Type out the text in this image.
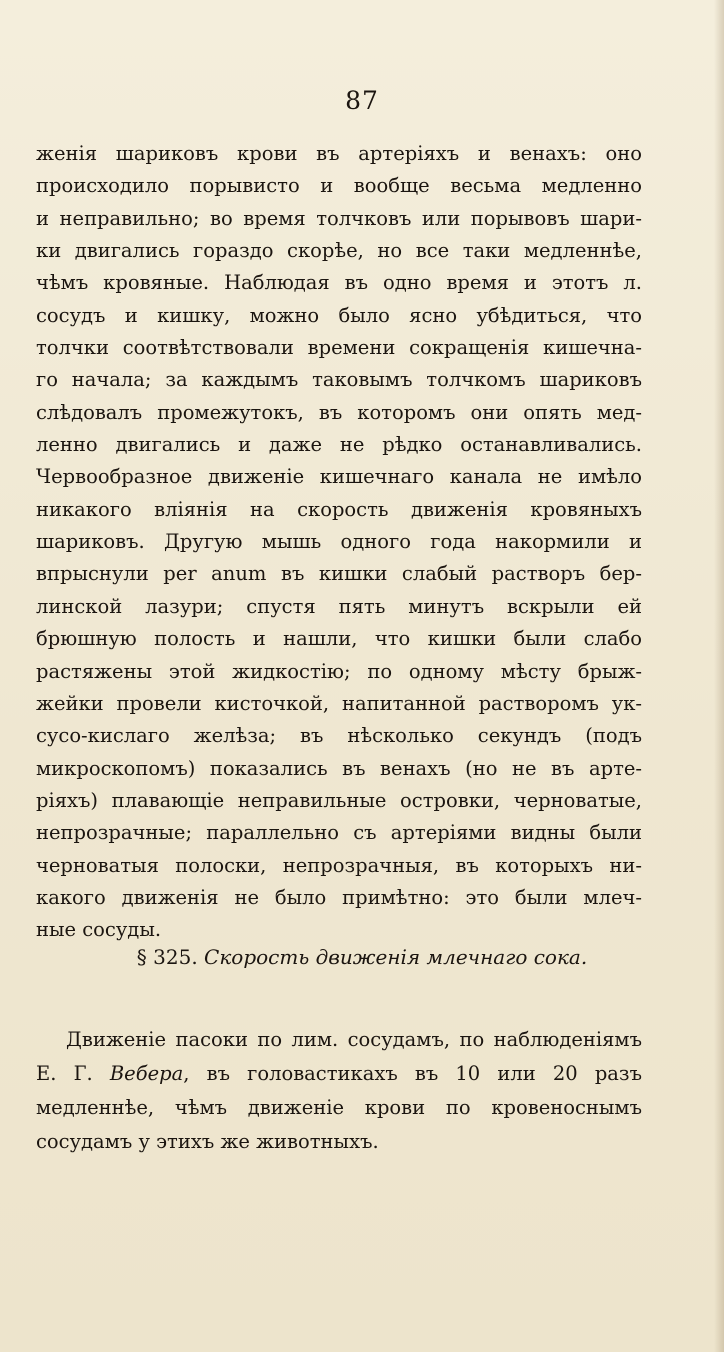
87
женія шариковъ крови въ артеріяхъ и венахъ: оно
происходило порывисто и вообще весьма медленно
и неправильно; во время толчковъ или порывовъ шари-
ки двигались гораздо скорѣе, но все таки медленнѣе,
чѣмъ кровяные. Наблюдая въ одно время и этотъ л.
сосудъ и кишку, можно было ясно убѣдиться, что
толчки соотвѣтствовали времени сокращенія кишечна-
го начала; за каждымъ таковымъ толчкомъ шариковъ
слѣдовалъ промежутокъ, въ которомъ они опять мед-
ленно двигались и даже не рѣдко останавливались.
Червообразное движеніе кишечнаго канала не имѣло
никакого вліянія на скорость движенія кровяныхъ
шариковъ. Другую мышь одного года накормили и
впрыснули per anum въ кишки слабый растворъ бер-
линской лазури; спустя пять минутъ вскрыли ей
брюшную полость и нашли, что кишки были слабо
растяжены этой жидкостію; по одному мѣсту брыж-
жейки провели кисточкой, напитанной растворомъ ук-
сусо-кислаго желѣза; въ нѣсколько секундъ (подъ
микроскопомъ) показались въ венахъ (но не въ арте-
ріяхъ) плавающіе неправильные островки, черноватые,
непрозрачные; параллельно съ артеріями видны были
черноватыя полоски, непрозрачныя, въ которыхъ ни-
какого движенія не было примѣтно: это были млеч-
ные сосуды.
§ 325. Скорость движенія млечнаго сока.
Движеніе пасоки по лим. сосудамъ, по наблюденіямъ
Е. Г. Вебера, въ головастикахъ въ 10 или 20 разъ
медленнѣе, чѣмъ движеніе крови по кровеноснымъ
сосудамъ у этихъ же животныхъ.
